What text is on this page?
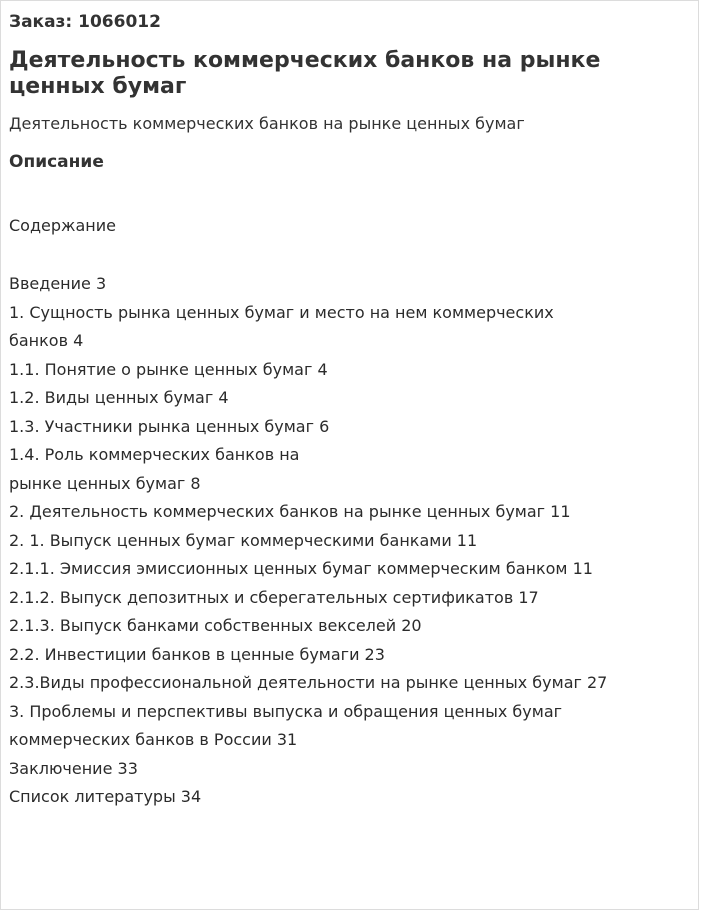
Заказ: 1066012
Деятельность коммерческих банков на рынке ценных бумаг
Деятельность коммерческих банков на рынке ценных бумаг
Описание
Содержание
Введение 3
1. Сущность рынка ценных бумаг и место на нем коммерческих
банков 4
1.1. Понятие о рынке ценных бумаг 4
1.2. Виды ценных бумаг 4
1.3. Участники рынка ценных бумаг 6
1.4. Роль коммерческих банков на
рынке ценных бумаг 8
2. Деятельность коммерческих банков на рынке ценных бумаг 11
2. 1. Выпуск ценных бумаг коммерческими банками 11
2.1.1. Эмиссия эмиссионных ценных бумаг коммерческим банком 11
2.1.2. Выпуск депозитных и сберегательных сертификатов 17
2.1.3. Выпуск банками собственных векселей 20
2.2. Инвестиции банков в ценные бумаги 23
2.3.Виды профессиональной деятельности на рынке ценных бумаг 27
3. Проблемы и перспективы выпуска и обращения ценных бумаг
коммерческих банков в России 31
Заключение 33
Список литературы 34
